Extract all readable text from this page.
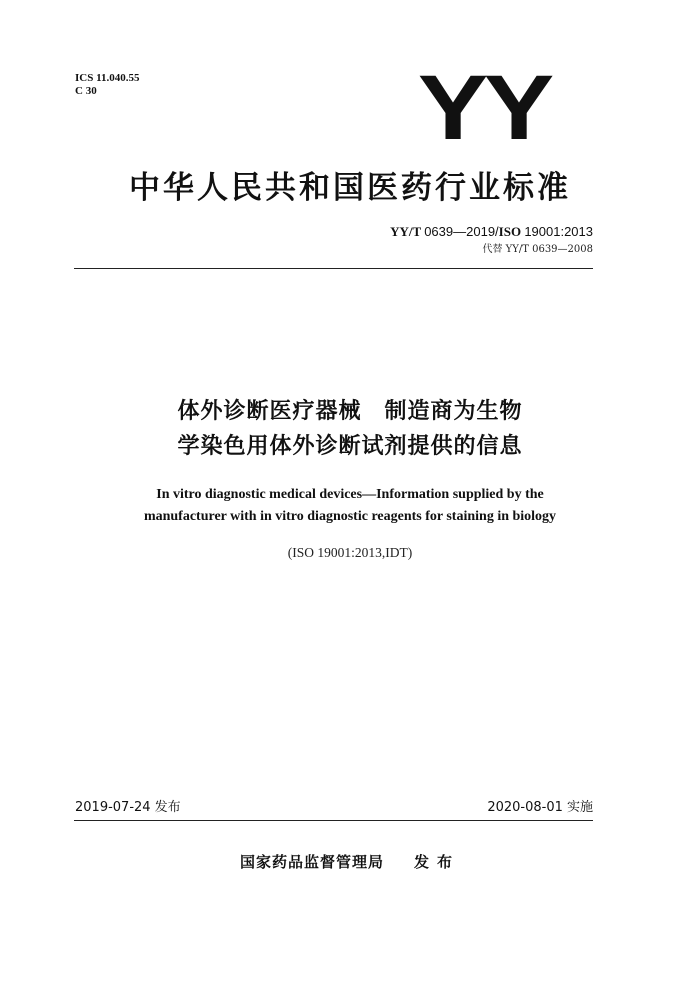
ICS 11.040.55
C 30	YY
中华人民共和国医药行业标准
YY/T 0639—2019/ISO 19001:2013
代替 YY/T 0639—2008
体外诊断医疗器械　制造商为生物
学染色用体外诊断试剂提供的信息
In vitro diagnostic medical devices—Information supplied by the
manufacturer with in vitro diagnostic reagents for staining in biology
(ISO 19001:2013,IDT)
2019-07-24 发布	2020-08-01 实施
国家药品监督管理局 发布
